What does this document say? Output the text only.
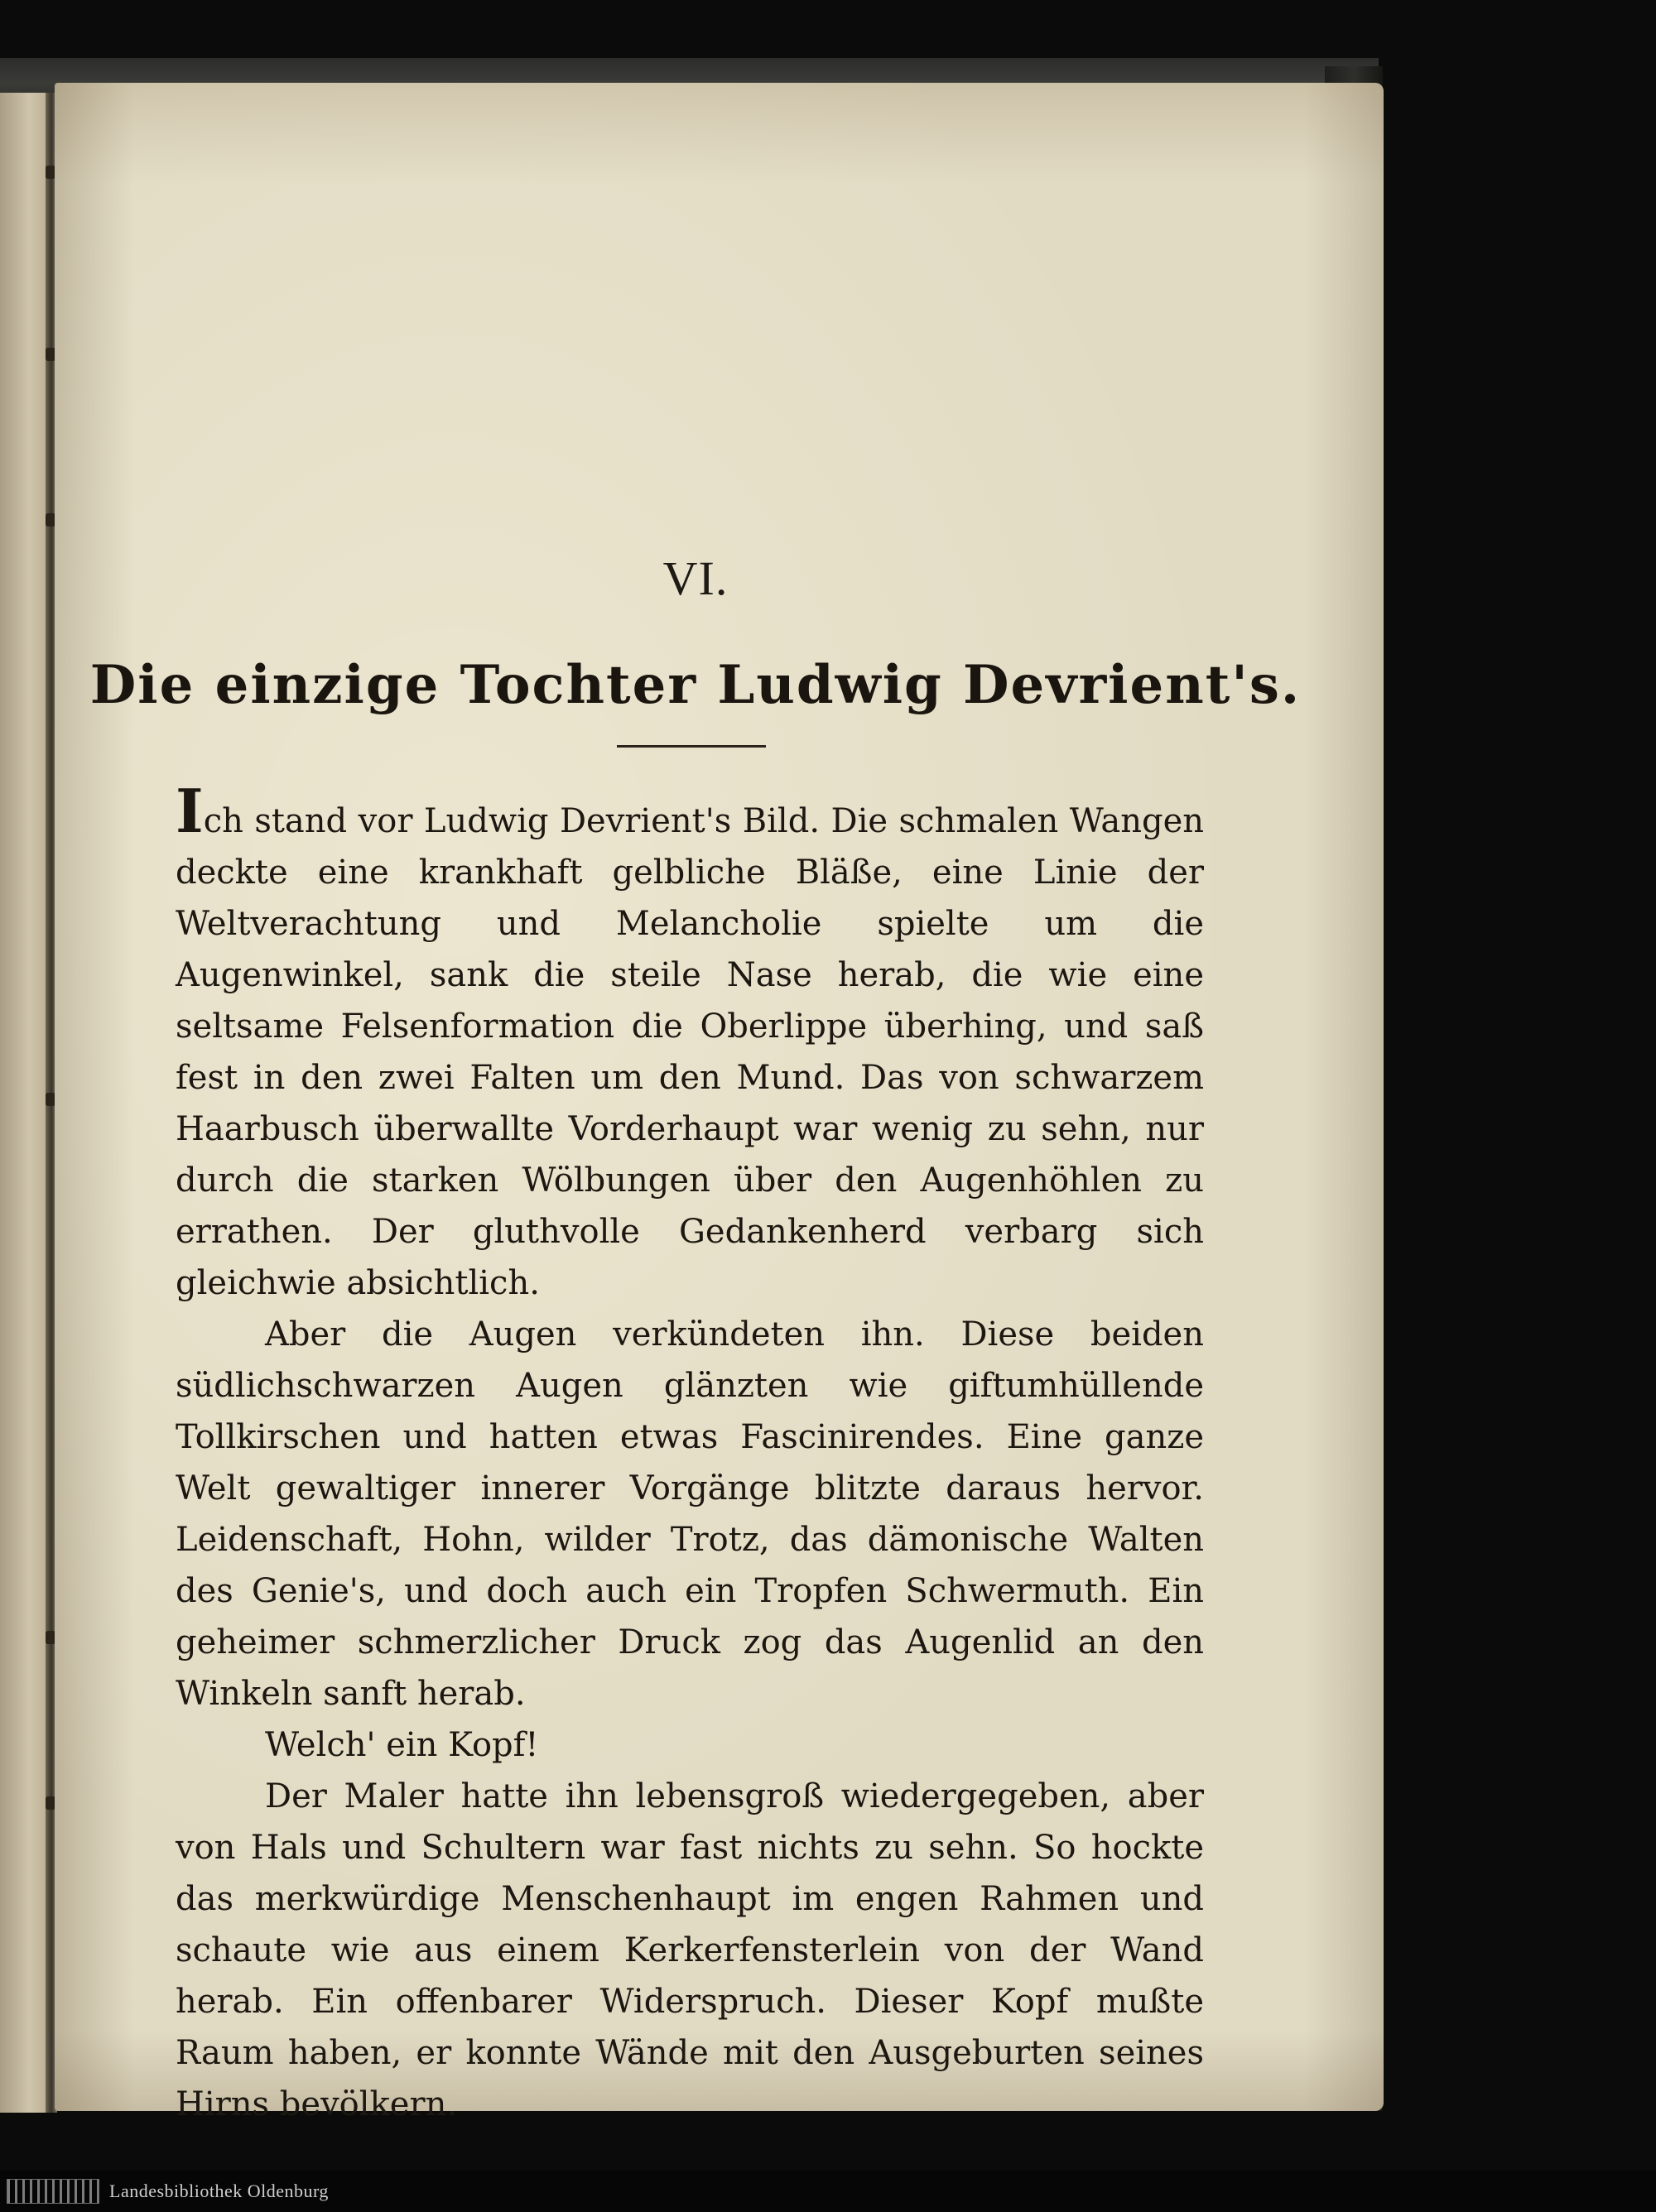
VI.
Die einzige Tochter Ludwig Devrient's.

Ich stand vor Ludwig Devrient's Bild. Die schmalen Wangen deckte eine krankhaft gelbliche Bläße, eine Linie der Weltverachtung und Melancholie spielte um die Augenwinkel, sank die steile Nase herab, die wie eine seltsame Felsenformation die Oberlippe überhing, und saß fest in den zwei Falten um den Mund. Das von schwarzem Haarbusch überwallte Vorderhaupt war wenig zu sehn, nur durch die starken Wölbungen über den Augenhöhlen zu errathen. Der gluthvolle Gedankenherd verbarg sich gleichwie absichtlich.

Aber die Augen verkündeten ihn. Diese beiden südlichschwarzen Augen glänzten wie giftumhüllende Tollkirschen und hatten etwas Fascinirendes. Eine ganze Welt gewaltiger innerer Vorgänge blitzte daraus hervor. Leidenschaft, Hohn, wilder Trotz, das dämonische Walten des Genie's, und doch auch ein Tropfen Schwermuth. Ein geheimer schmerzlicher Druck zog das Augenlid an den Winkeln sanft herab.

Welch' ein Kopf!

Der Maler hatte ihn lebensgroß wiedergegeben, aber von Hals und Schultern war fast nichts zu sehn. So hockte das merkwürdige Menschenhaupt im engen Rahmen und schaute wie aus einem Kerkerfensterlein von der Wand herab. Ein offenbarer Widerspruch. Dieser Kopf mußte Raum haben, er konnte Wände mit den Ausgeburten seines Hirns bevölkern.

Landesbibliothek Oldenburg
